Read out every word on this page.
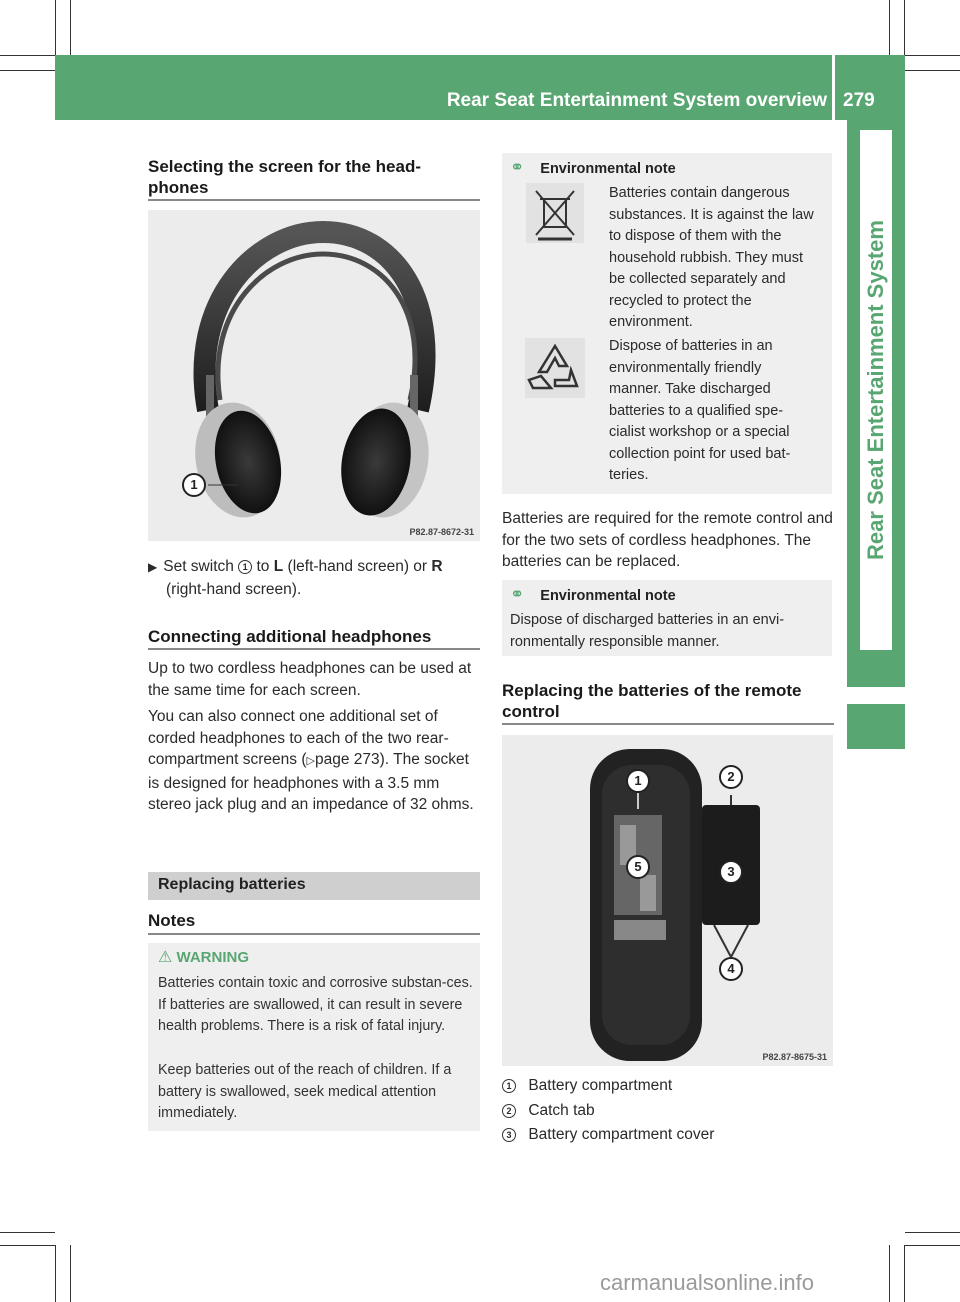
Rear Seat Entertainment System overview 279
Rear Seat Entertainment System
Selecting the screen for the head-
phones
1
P82.87-8672-31
▶ Set switch 1 to L (left-hand screen) or R
(right-hand screen).
Connecting additional headphones
Up to two cordless headphones can be used at the same time for each screen.
You can also connect one additional set of corded headphones to each of the two rear-compartment screens (▷page 273). The socket is designed for headphones with a 3.5 mm stereo jack plug and an impedance of 32 ohms.
Replacing batteries
Notes
⚠ WARNING
Batteries contain toxic and corrosive substan-ces. If batteries are swallowed, it can result in severe health problems. There is a risk of fatal injury.
Keep batteries out of the reach of children. If a battery is swallowed, seek medical attention immediately.
⚭ Environmental note
Batteries contain dangerous substances. It is against the law to dispose of them with the household rubbish. They must be collected separately and recycled to protect the environment.
Dispose of batteries in an environmentally friendly manner. Take discharged batteries to a qualified spe-cialist workshop or a special collection point for used bat-teries.
Batteries are required for the remote control and for the two sets of cordless headphones. The batteries can be replaced.
⚭ Environmental note
Dispose of discharged batteries in an envi-ronmentally responsible manner.
Replacing the batteries of the remote
control
1	2
3
4
5
P82.87-8675-31
1 Battery compartment
2 Catch tab
3 Battery compartment cover
carmanualsonline.info
